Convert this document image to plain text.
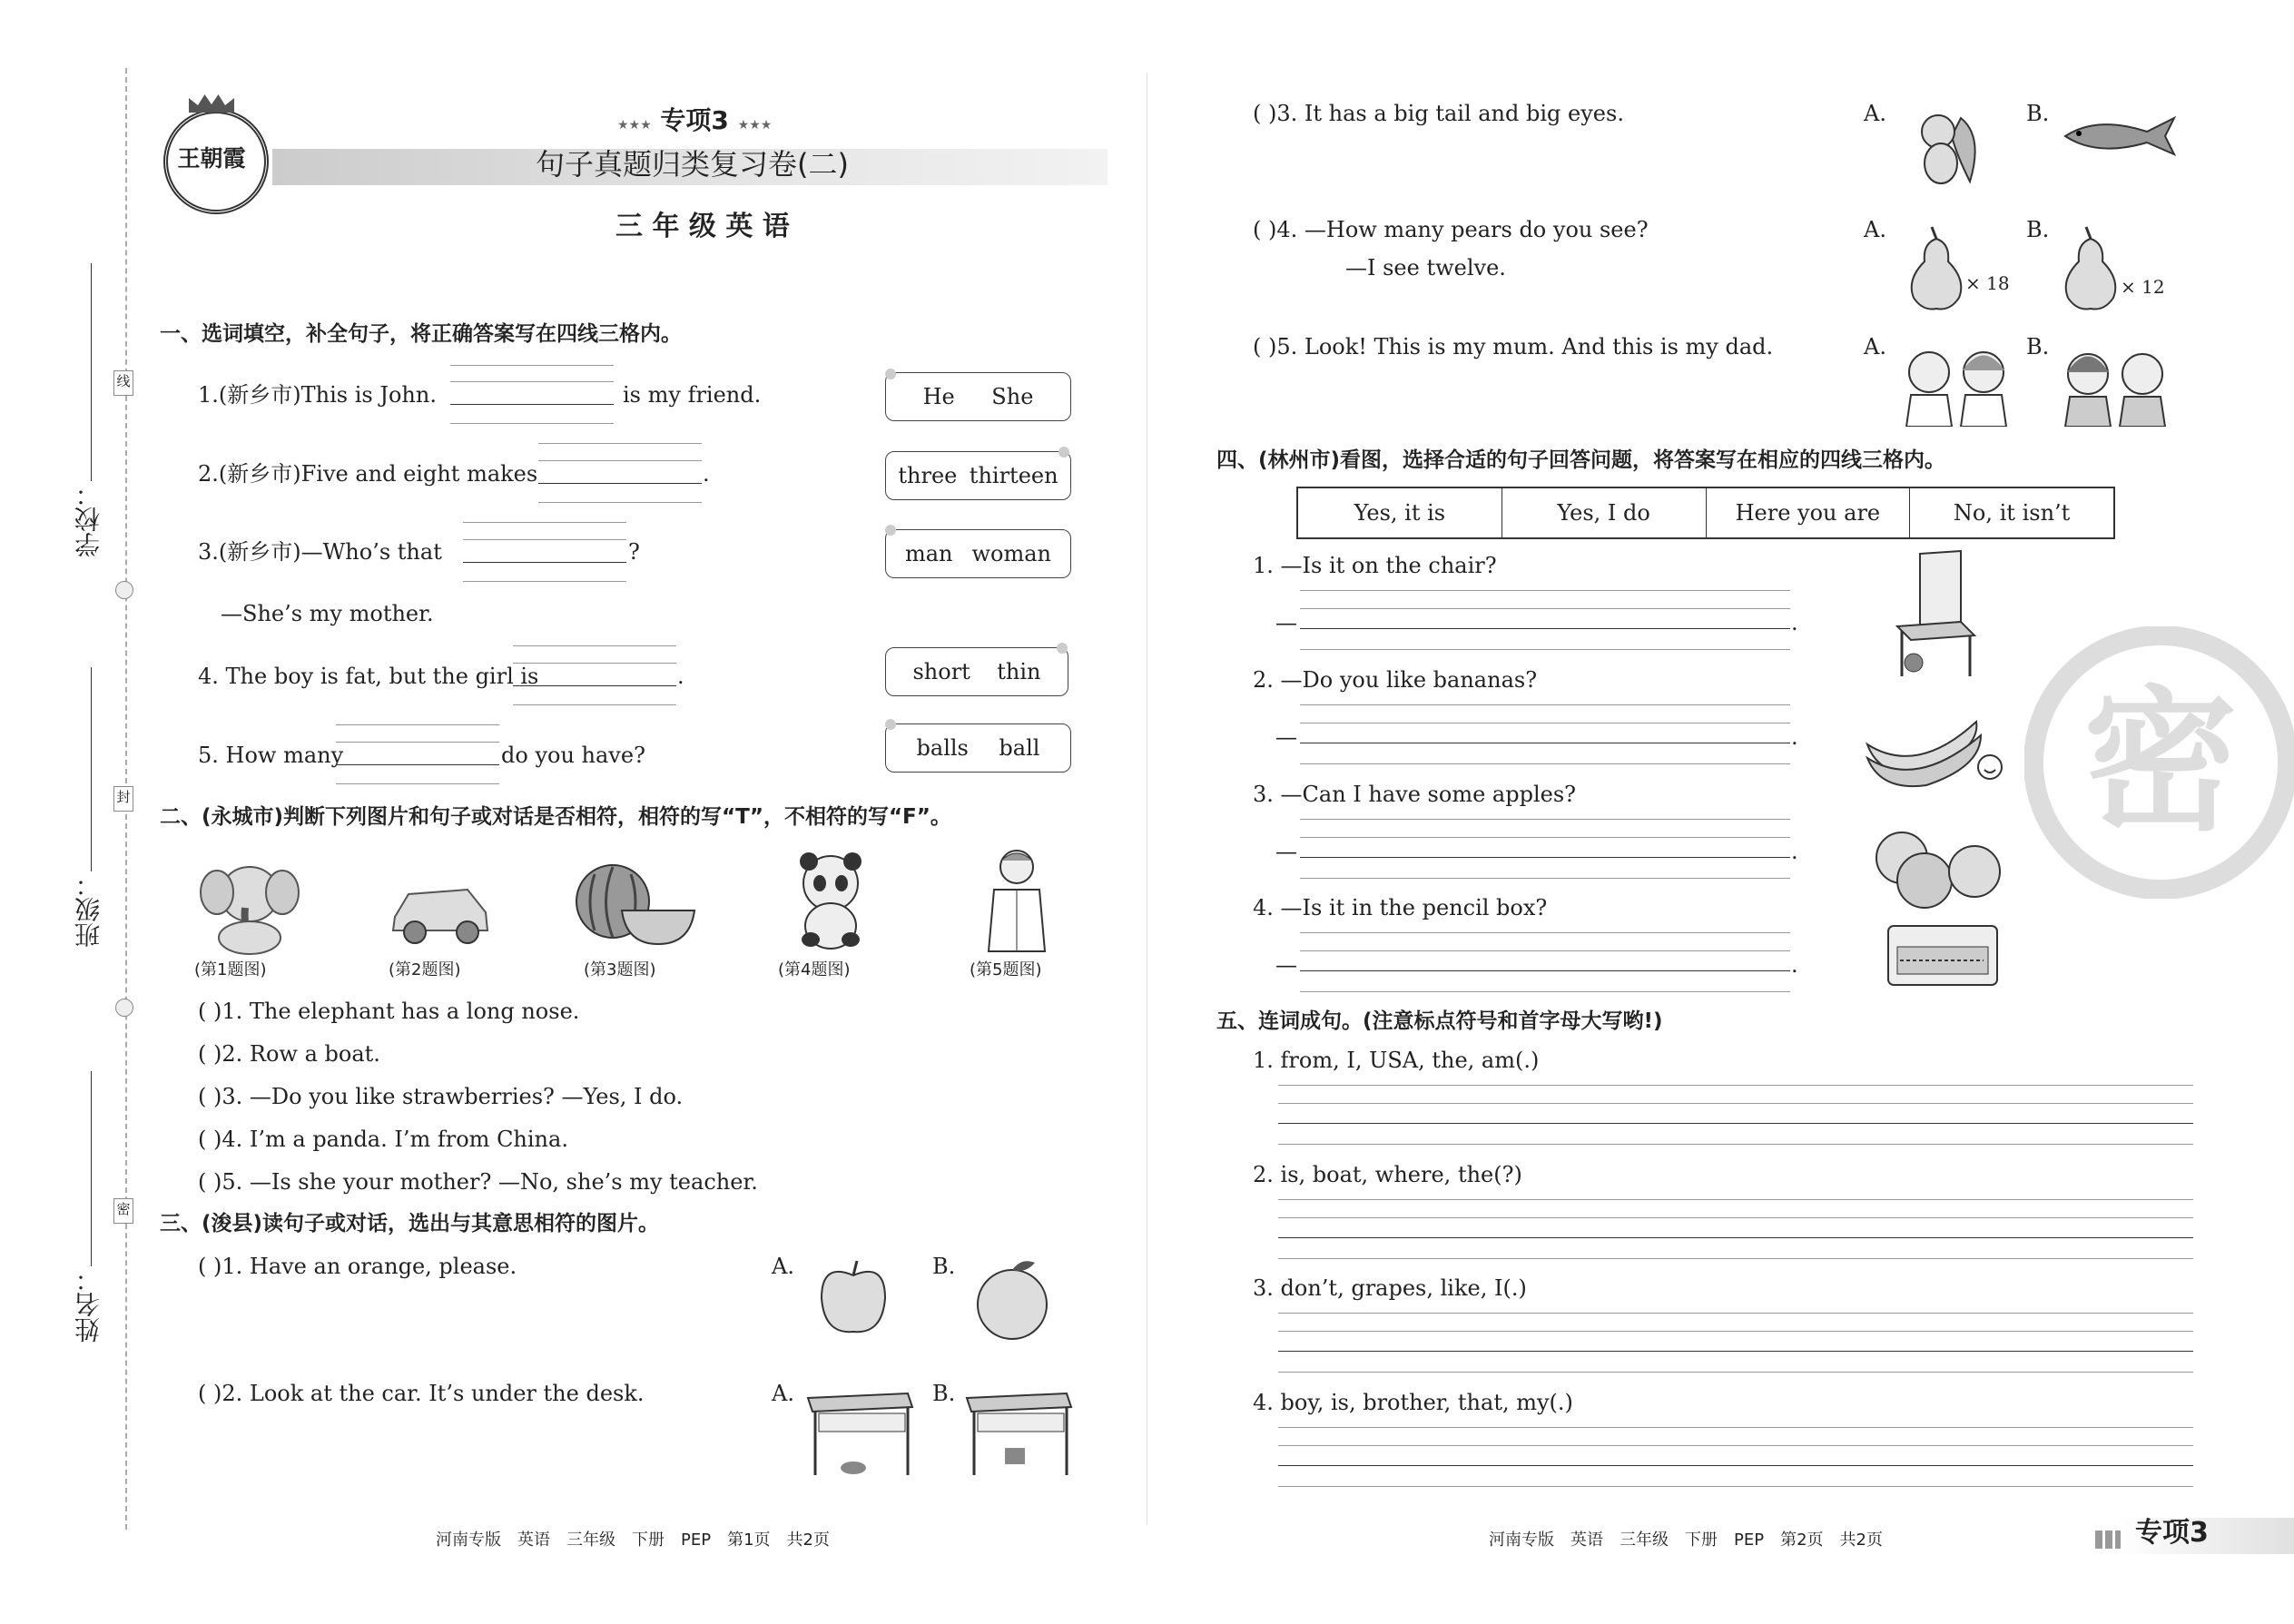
线
封
密
学校：
班级：
姓名：
王朝霞
★★★ 专项3 ★★★
句子真题归类复习卷(二)
三 年 级 英 语
一、选词填空，补全句子，将正确答案写在四线三格内。
1.(新乡市)This is John.	is my friend.	He She
2.(新乡市)Five and eight makes	.	three thirteen
3.(新乡市)—Who’s that	?	man woman
—She’s my mother.
4. The boy is fat, but the girl is	.	short thin
5. How many	do you have?	balls ball
二、(永城市)判断下列图片和句子或对话是否相符，相符的写“T”，不相符的写“F”。
(第1题图)	(第2题图)	(第3题图)	(第4题图)	(第5题图)
( )1. The elephant has a long nose.
( )2. Row a boat.
( )3. —Do you like strawberries? —Yes, I do.
( )4. I’m a panda. I’m from China.
( )5. —Is she your mother? —No, she’s my teacher.
三、(浚县)读句子或对话，选出与其意思相符的图片。
( )1. Have an orange, please.	A.	B.
( )2. Look at the car. It’s under the desk.	A.	B.
( )3. It has a big tail and big eyes.	A.	B.
( )4. —How many pears do you see?
—I see twelve.
A.	B.
× 18	× 12
( )5. Look! This is my mum. And this is my dad.	A.	B.
四、(林州市)看图，选择合适的句子回答问题，将答案写在相应的四线三格内。
Yes, it is	Yes, I do	Here you are	No, it isn’t
1. —Is it on the chair?
—	.
2. —Do you like bananas?
—	.
3. —Can I have some apples?
—	.
4. —Is it in the pencil box?
—	.
密
五、连词成句。(注意标点符号和首字母大写哟!)
1. from, I, USA, the, am(.)
2. is, boat, where, the(?)
3. don’t, grapes, like, I(.)
4. boy, is, brother, that, my(.)
河南专版　英语　三年级　下册　PEP　第1页　共2页	河南专版　英语　三年级　下册　PEP　第2页　共2页	专项3
